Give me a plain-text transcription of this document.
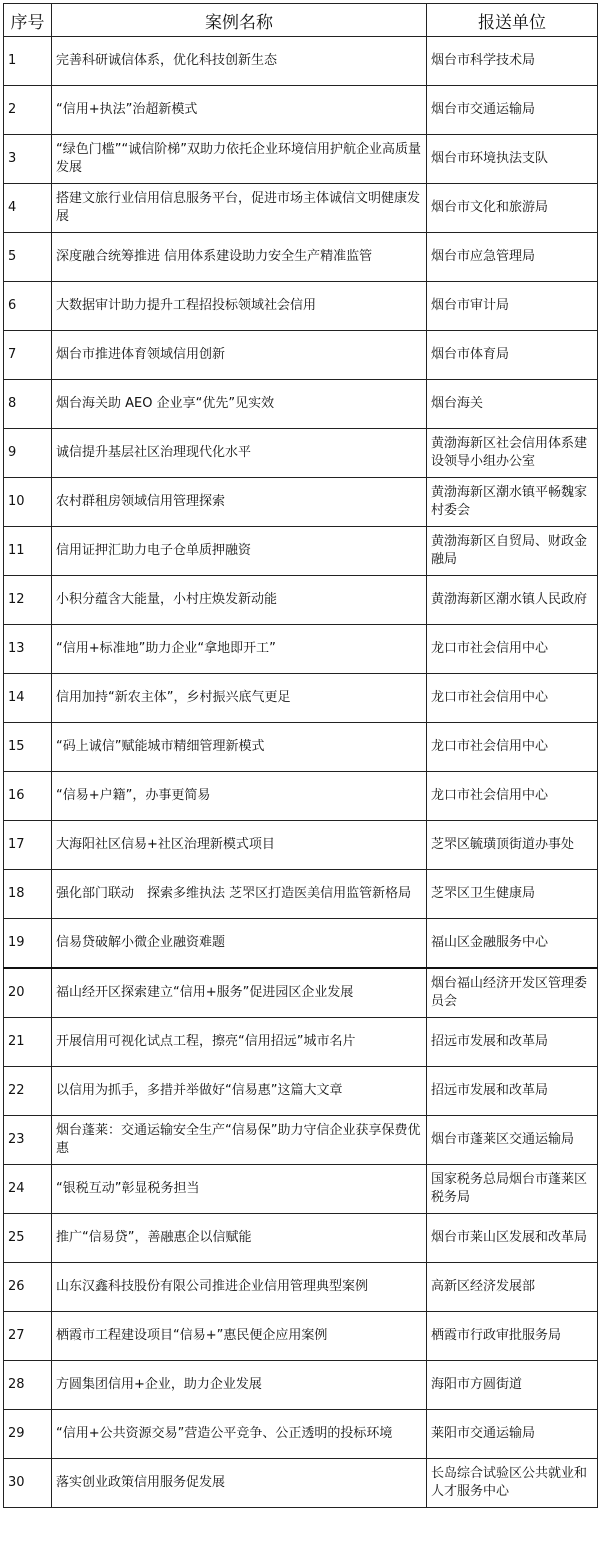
序号	案例名称	报送单位
1	完善科研诚信体系，优化科技创新生态	烟台市科学技术局
2	“信用+执法”治超新模式	烟台市交通运输局
3	“绿色门槛”“诚信阶梯”双助力依托企业环境信用护航企业高质量发展	烟台市环境执法支队
4	搭建文旅行业信用信息服务平台，促进市场主体诚信文明健康发展	烟台市文化和旅游局
5	深度融合统筹推进 信用体系建设助力安全生产精准监管	烟台市应急管理局
6	大数据审计助力提升工程招投标领域社会信用	烟台市审计局
7	烟台市推进体育领域信用创新	烟台市体育局
8	烟台海关助 AEO 企业享“优先”见实效	烟台海关
9	诚信提升基层社区治理现代化水平	黄渤海新区社会信用体系建设领导小组办公室
10	农村群租房领域信用管理探索	黄渤海新区潮水镇平畅魏家村委会
11	信用证押汇助力电子仓单质押融资	黄渤海新区自贸局、财政金融局
12	小积分蕴含大能量，小村庄焕发新动能	黄渤海新区潮水镇人民政府
13	“信用+标准地”助力企业“拿地即开工”	龙口市社会信用中心
14	信用加持“新农主体”，乡村振兴底气更足	龙口市社会信用中心
15	“码上诚信”赋能城市精细管理新模式	龙口市社会信用中心
16	“信易+户籍”，办事更简易	龙口市社会信用中心
17	大海阳社区信易+社区治理新模式项目	芝罘区毓璜顶街道办事处
18	强化部门联动　探索多维执法 芝罘区打造医美信用监管新格局	芝罘区卫生健康局
19	信易贷破解小微企业融资难题	福山区金融服务中心
20	福山经开区探索建立“信用+服务”促进园区企业发展	烟台福山经济开发区管理委员会
21	开展信用可视化试点工程，擦亮“信用招远”城市名片	招远市发展和改革局
22	以信用为抓手，多措并举做好“信易惠”这篇大文章	招远市发展和改革局
23	烟台蓬莱：交通运输安全生产“信易保”助力守信企业获享保费优惠	烟台市蓬莱区交通运输局
24	“银税互动”彰显税务担当	国家税务总局烟台市蓬莱区税务局
25	推广“信易贷”，善融惠企以信赋能	烟台市莱山区发展和改革局
26	山东汉鑫科技股份有限公司推进企业信用管理典型案例	高新区经济发展部
27	栖霞市工程建设项目“信易+”惠民便企应用案例	栖霞市行政审批服务局
28	方圆集团信用+企业，助力企业发展	海阳市方圆街道
29	“信用+公共资源交易”营造公平竞争、公正透明的投标环境	莱阳市交通运输局
30	落实创业政策信用服务促发展	长岛综合试验区公共就业和人才服务中心
